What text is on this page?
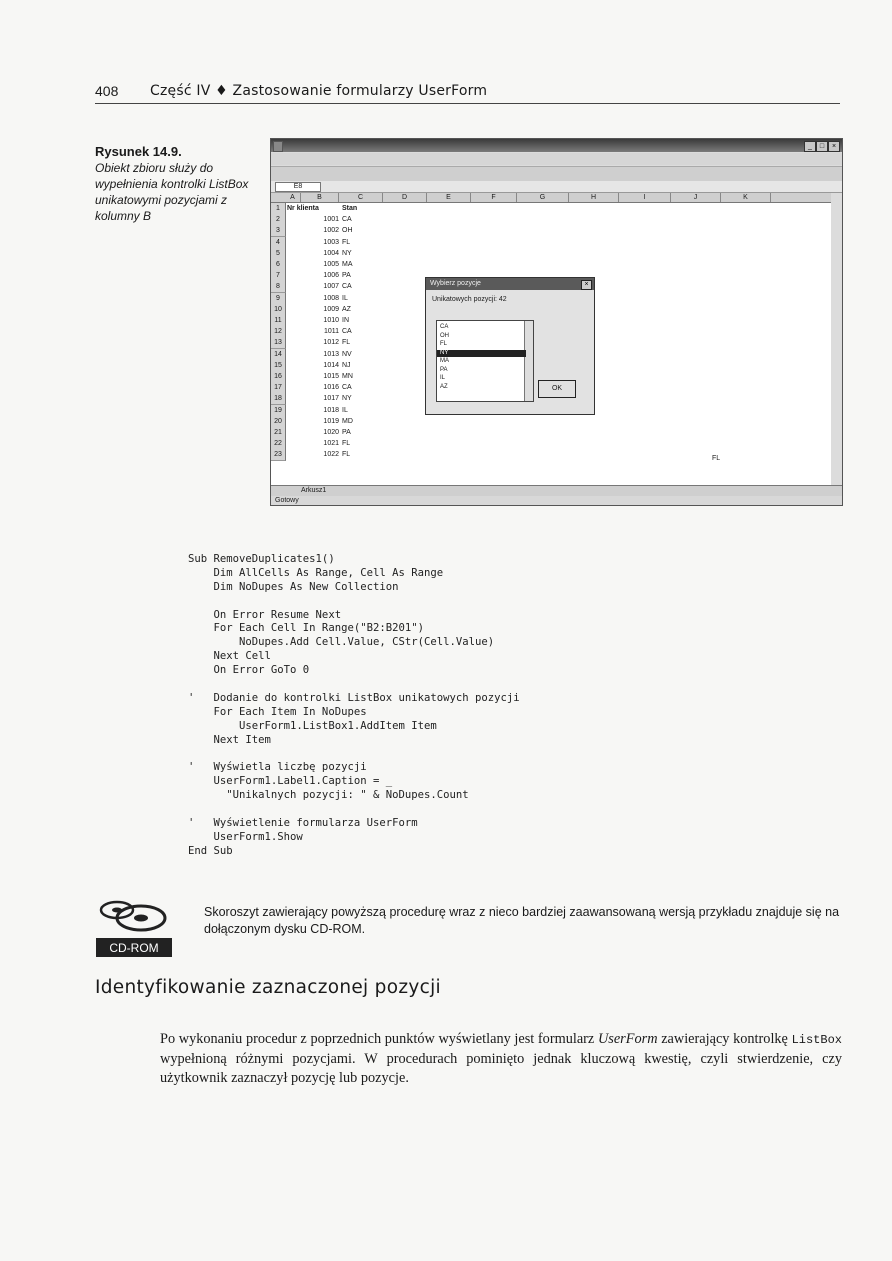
408 Część IV ♦ Zastosowanie formularzy UserForm
Rysunek 14.9.
Obiekt zbioru służy do wypełnienia kontrolki ListBox unikatowymi pozycjami z kolumny B
_	□	×
E8
A	B	C	D	E	F	G	H	I	J	K
1	Nr klienta	Stan
2	1001 CA
3	1002 OH
4	1003 FL
5	1004 NY
6	1005 MA
7	1006 PA
8	1007 CA
9	1008 IL
10	1009 AZ
11	1010 IN
12	1011 CA
13	1012 FL
14	1013 NV
15	1014 NJ
16	1015 MN
17	1016 CA
18	1017 NY
19	1018 IL
20	1019 MD
21	1020 PA
22	1021 FL
23	1022 FL
FL
Wybierz pozycje	×
Unikatowych pozycji: 42
CA
OH
FL
NY
MA
PA
IL
AZ	OK
Arkusz1
Gotowy
Sub RemoveDuplicates1()
Dim AllCells As Range, Cell As Range
Dim NoDupes As New Collection
On Error Resume Next
For Each Cell In Range("B2:B201")
NoDupes.Add Cell.Value, CStr(Cell.Value)
Next Cell
On Error GoTo 0
'   Dodanie do kontrolki ListBox unikatowych pozycji
For Each Item In NoDupes
UserForm1.ListBox1.AddItem Item
Next Item
'   Wyświetla liczbę pozycji
UserForm1.Label1.Caption = _
"Unikalnych pozycji: " & NoDupes.Count
'   Wyświetlenie formularza UserForm
UserForm1.Show
End Sub
CD-ROM
Skoroszyt zawierający powyższą procedurę wraz z nieco bardziej zaawansowaną wersją przykładu znajduje się na dołączonym dysku CD-ROM.
Identyfikowanie zaznaczonej pozycji
Po wykonaniu procedur z poprzednich punktów wyświetlany jest formularz UserForm zawierający kontrolkę ListBox wypełnioną różnymi pozycjami. W procedurach pominięto jednak kluczową kwestię, czyli stwierdzenie, czy użytkownik zaznaczył pozycję lub pozycje.
